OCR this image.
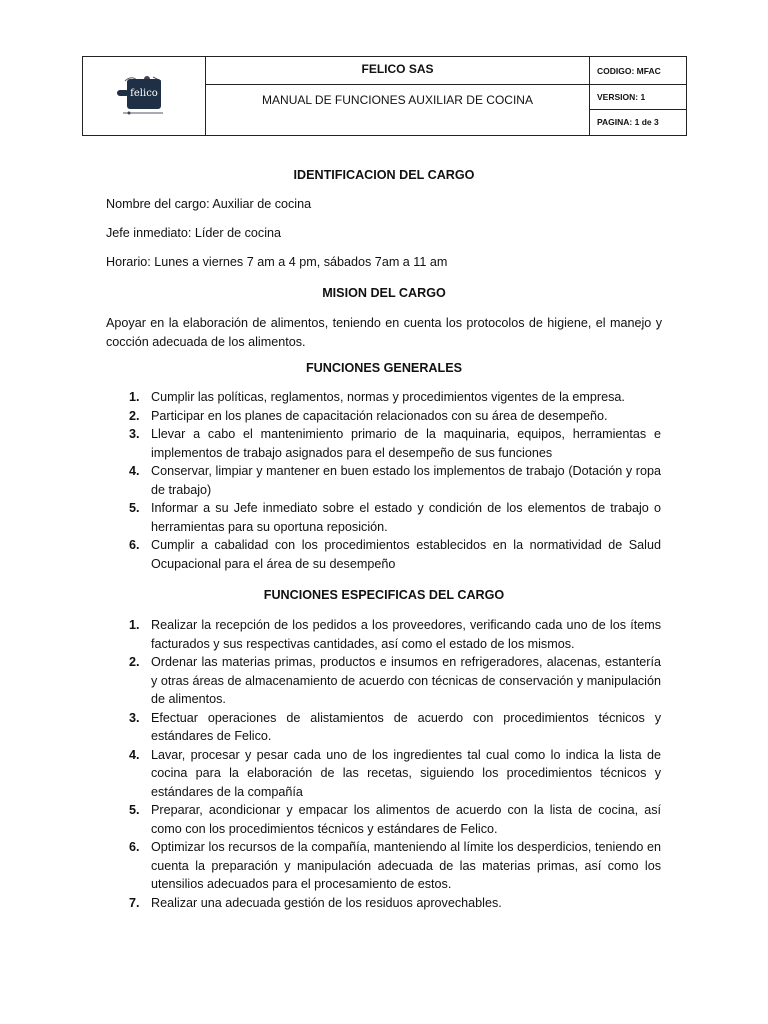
felico
FELICO SAS
MANUAL DE FUNCIONES AUXILIAR DE COCINA
CODIGO: MFAC
VERSION: 1
PAGINA: 1 de 3
IDENTIFICACION DEL CARGO
Nombre del cargo: Auxiliar de cocina
Jefe inmediato: Líder de cocina
Horario: Lunes a viernes 7 am a 4 pm, sábados 7am a 11 am
MISION DEL CARGO
Apoyar en la elaboración de alimentos, teniendo en cuenta los protocolos de higiene, el manejo y cocción adecuada de los alimentos.
FUNCIONES GENERALES
1. Cumplir las políticas, reglamentos, normas y procedimientos vigentes de la empresa.
2. Participar en los planes de capacitación relacionados con su área de desempeño.
3. Llevar a cabo el mantenimiento primario de la maquinaria, equipos, herramientas e implementos de trabajo asignados para el desempeño de sus funciones
4. Conservar, limpiar y mantener en buen estado los implementos de trabajo (Dotación y ropa de trabajo)
5. Informar a su Jefe inmediato sobre el estado y condición de los elementos de trabajo o herramientas para su oportuna reposición.
6. Cumplir a cabalidad con los procedimientos establecidos en la normatividad de Salud Ocupacional para el área de su desempeño
FUNCIONES ESPECIFICAS DEL CARGO
1. Realizar la recepción de los pedidos a los proveedores, verificando cada uno de los ítems facturados y sus respectivas cantidades, así como el estado de los mismos.
2. Ordenar las materias primas, productos e insumos en refrigeradores, alacenas, estantería y otras áreas de almacenamiento de acuerdo con técnicas de conservación y manipulación de alimentos.
3. Efectuar operaciones de alistamientos de acuerdo con procedimientos técnicos y estándares de Felico.
4. Lavar, procesar y pesar cada uno de los ingredientes tal cual como lo indica la lista de cocina para la elaboración de las recetas, siguiendo los procedimientos técnicos y estándares de la compañía
5. Preparar, acondicionar y empacar los alimentos de acuerdo con la lista de cocina, así como con los procedimientos técnicos y estándares de Felico.
6. Optimizar los recursos de la compañía, manteniendo al límite los desperdicios, teniendo en cuenta la preparación y manipulación adecuada de las materias primas, así como los utensilios adecuados para el procesamiento de estos.
7. Realizar una adecuada gestión de los residuos aprovechables.
